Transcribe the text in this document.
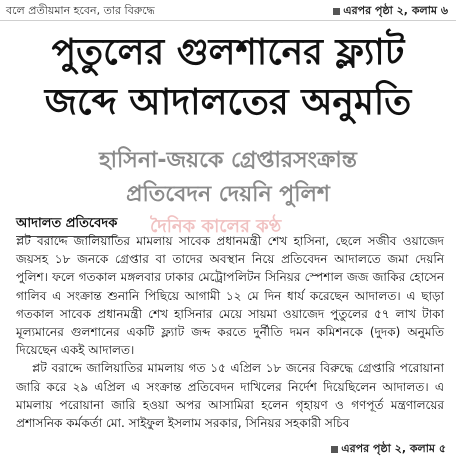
বলে প্রতীয়মান হবেন, তার বিরুদ্ধে	এরপর পৃষ্ঠা ২, কলাম ৬
পুতুলের গুলশানের ফ্ল্যাট
জব্দে আদালতের অনুমতি
হাসিনা-জয়কে গ্রেপ্তারসংক্রান্ত
প্রতিবেদন দেয়নি পুলিশ
দৈনিক কালের কণ্ঠ
আদালত প্রতিবেদক

প্লট বরাদ্দে জালিয়াতির মামলায় সাবেক প্রধানমন্ত্রী শেখ হাসিনা, ছেলে সজীব ওয়াজেদ জয়সহ ১৮ জনকে গ্রেপ্তার বা তাদের অবস্থান নিয়ে প্রতিবেদন আদালতে জমা দেয়নি পুলিশ। ফলে গতকাল মঙ্গলবার ঢাকার মেট্রোপলিটন সিনিয়র স্পেশাল জজ জাকির হোসেন গালিব এ সংক্রান্ত শুনানি পিছিয়ে আগামী ১২ মে দিন ধার্য করেছেন আদালত। এ ছাড়া গতকাল সাবেক প্রধানমন্ত্রী শেখ হাসিনার মেয়ে সায়মা ওয়াজেদ পুতুলের ৫৭ লাখ টাকা মূল্যমানের গুলশানের একটি ফ্ল্যাট জব্দ করতে দুর্নীতি দমন কমিশনকে (দুদক) অনুমতি দিয়েছেন একই আদালত।

প্লট বরাদ্দে জালিয়াতির মামলায় গত ১৫ এপ্রিল ১৮ জনের বিরুদ্ধে গ্রেপ্তারি পরোয়ানা জারি করে ২৯ এপ্রিল এ সংক্রান্ত প্রতিবেদন দাখিলের নির্দেশ দিয়েছিলেন আদালত। এ মামলায় পরোয়ানা জারি হওয়া অপর আসামিরা হলেন গৃহায়ণ ও গণপূর্ত মন্ত্রণালয়ের প্রশাসনিক কর্মকর্তা মো. সাইফুল ইসলাম সরকার, সিনিয়র সহকারী সচিব

এরপর পৃষ্ঠা ২, কলাম ৫
